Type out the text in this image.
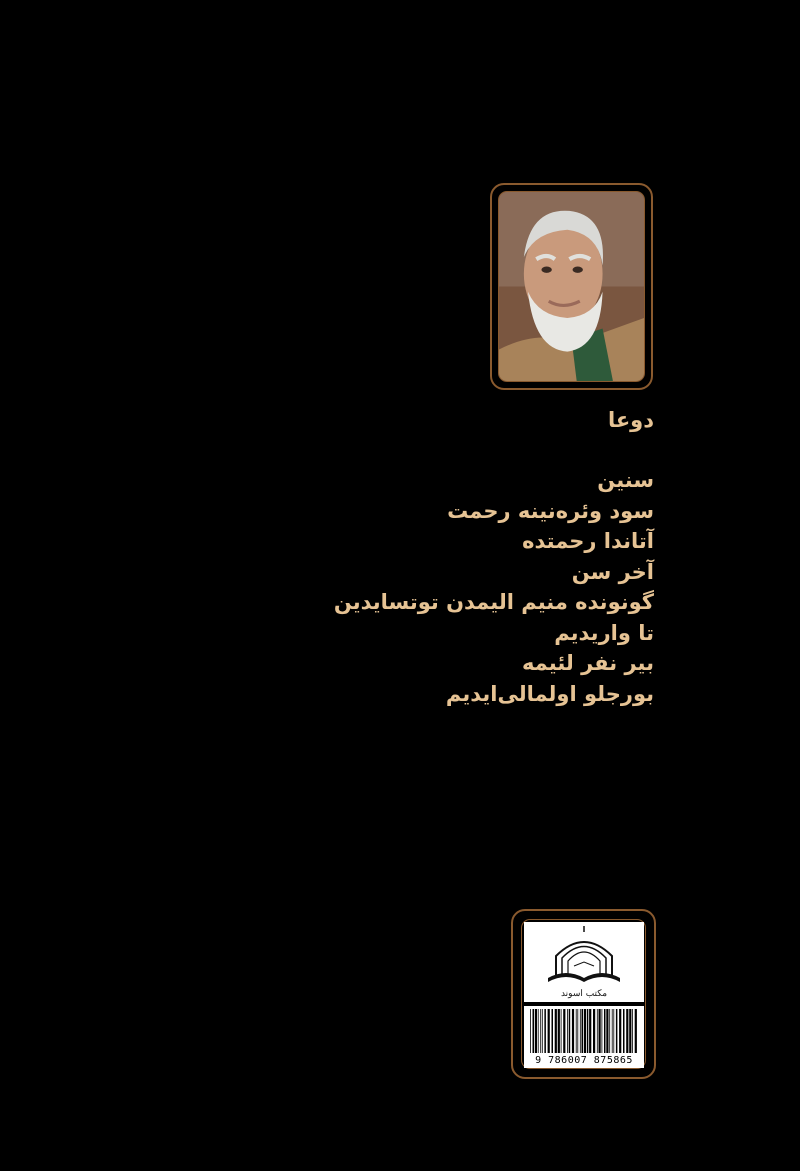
دوعا
سنین
سود وئره‌نینه رحمت
آتاندا رحمتده
آخر سن
گونونده منیم الیمدن توتسایدین
تا واریدیم
بیر نفر لئیمه
بورجلو اولمالی‌ایدیم
مکتب اسوند
9 786007 875865
